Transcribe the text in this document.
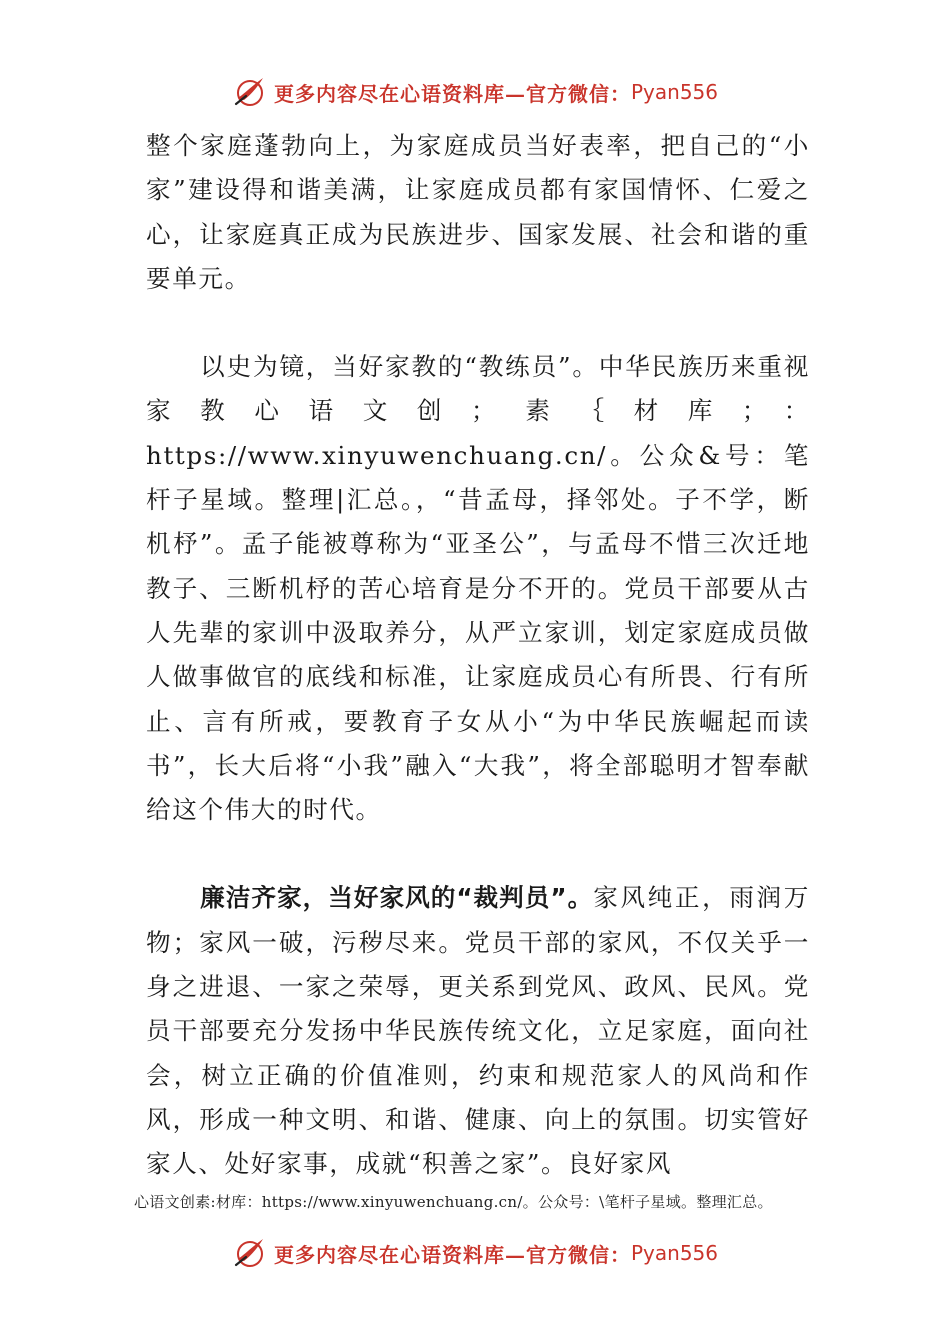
更多内容尽在心语资料库—官方微信： Pyan556

整个家庭蓬勃向上，为家庭成员当好表率，把自己的“小家”建设得和谐美满，让家庭成员都有家国情怀、仁爱之心，让家庭真正成为民族进步、国家发展、社会和谐的重要单元。

以史为镜，当好家教的“教练员”。中华民族历来重视家教心语文创；素｛材库；：https://www.xinyuwenchuang.cn/。公众&号：笔杆子星域。整理|汇总。，“昔孟母，择邻处。子不学，断机杼”。孟子能被尊称为“亚圣公”，与孟母不惜三次迁地教子、三断机杼的苦心培育是分不开的。党员干部要从古人先辈的家训中汲取养分，从严立家训，划定家庭成员做人做事做官的底线和标准，让家庭成员心有所畏、行有所止、言有所戒，要教育子女从小“为中华民族崛起而读书”，长大后将“小我”融入“大我”，将全部聪明才智奉献给这个伟大的时代。

廉洁齐家，当好家风的“裁判员”。家风纯正，雨润万物；家风一破，污秽尽来。党员干部的家风，不仅关乎一身之进退、一家之荣辱，更关系到党风、政风、民风。党员干部要充分发扬中华民族传统文化，立足家庭，面向社会，树立正确的价值准则，约束和规范家人的风尚和作风，形成一种文明、和谐、健康、向上的氛围。切实管好家人、处好家事，成就“积善之家”。良好家风

心语文创素:材库：https://www.xinyuwenchuang.cn/。公众号：\笔杆子星域。整理汇总。
更多内容尽在心语资料库—官方微信： Pyan556
